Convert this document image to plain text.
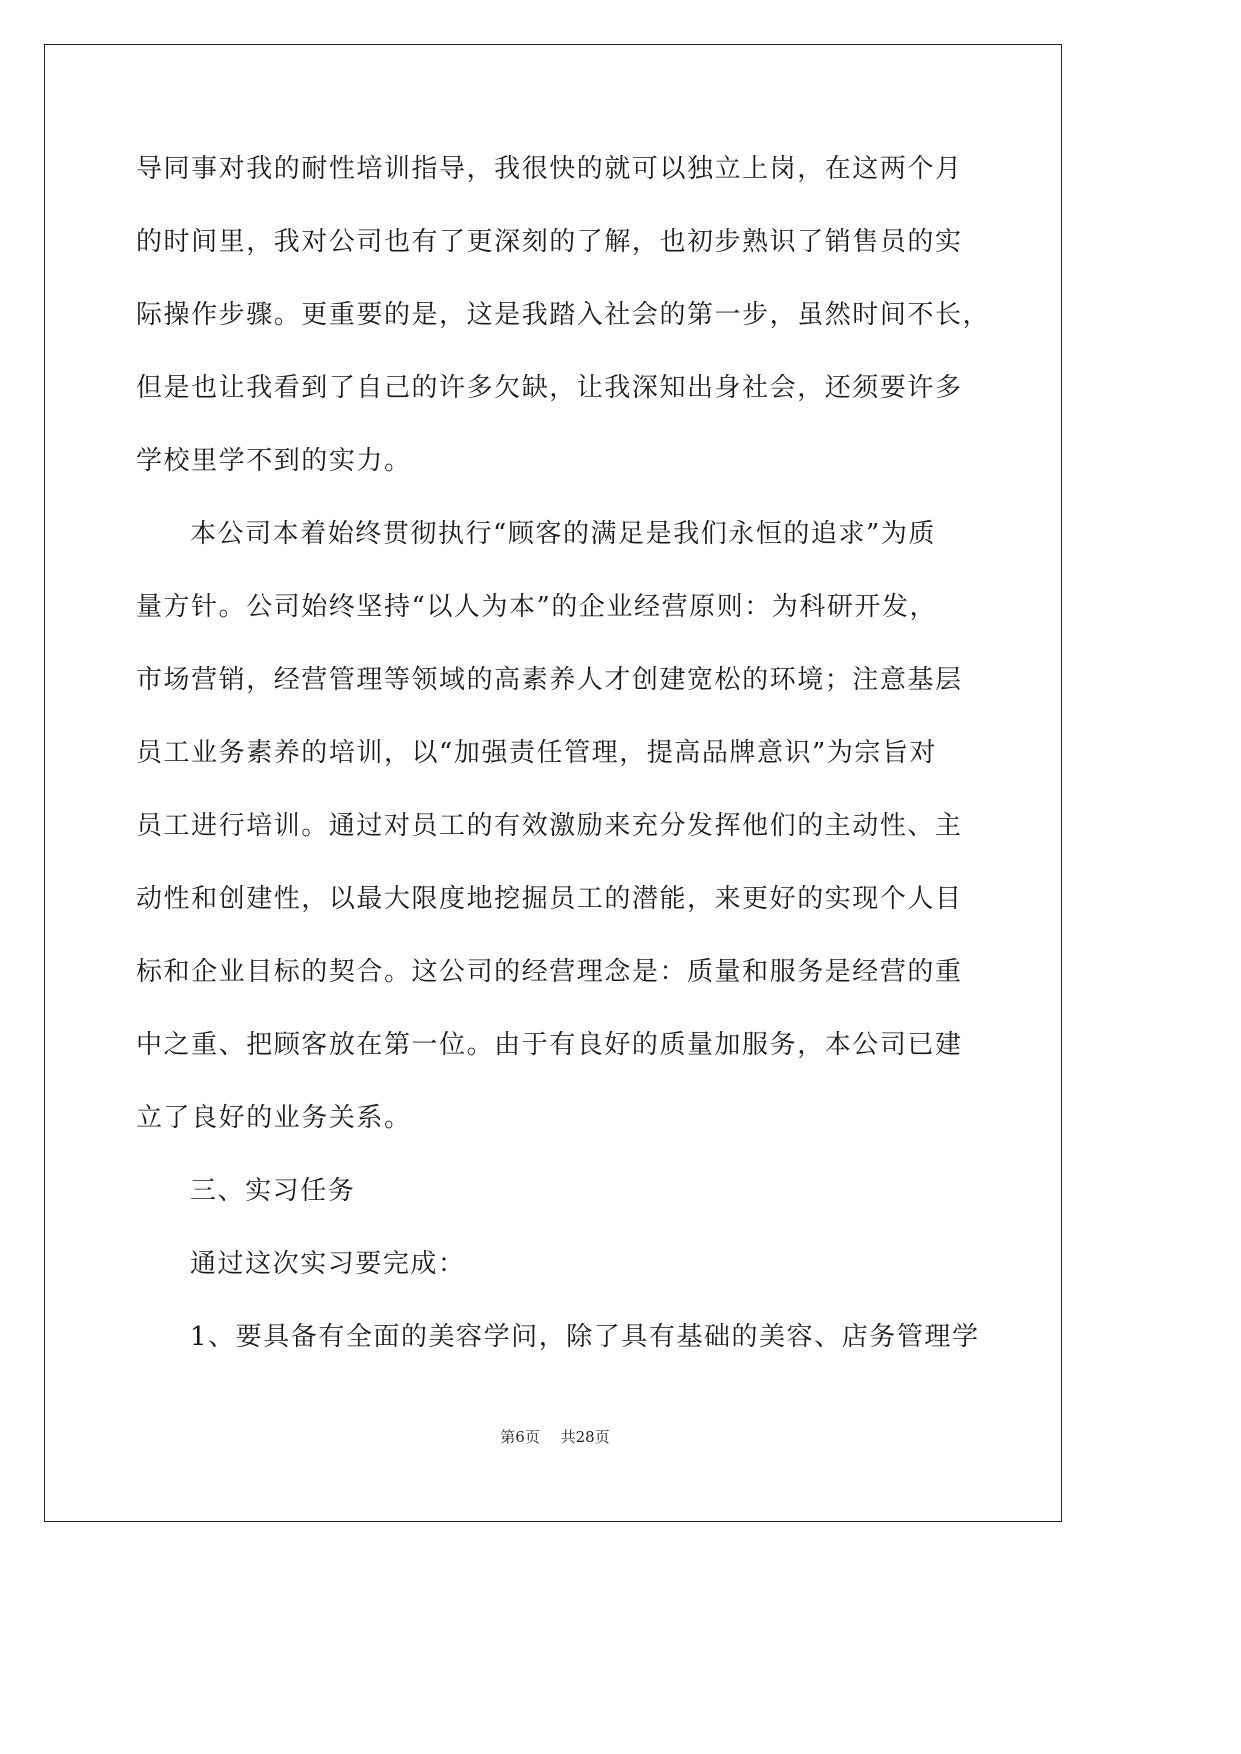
导同事对我的耐性培训指导，我很快的就可以独立上岗，在这两个月
的时间里，我对公司也有了更深刻的了解，也初步熟识了销售员的实
际操作步骤。更重要的是，这是我踏入社会的第一步，虽然时间不长，
但是也让我看到了自己的许多欠缺，让我深知出身社会，还须要许多
学校里学不到的实力。
本公司本着始终贯彻执行“顾客的满足是我们永恒的追求”为质
量方针。公司始终坚持“以人为本”的企业经营原则：为科研开发，
市场营销，经营管理等领域的高素养人才创建宽松的环境；注意基层
员工业务素养的培训，以“加强责任管理，提高品牌意识”为宗旨对
员工进行培训。通过对员工的有效激励来充分发挥他们的主动性、主
动性和创建性，以最大限度地挖掘员工的潜能，来更好的实现个人目
标和企业目标的契合。这公司的经营理念是：质量和服务是经营的重
中之重、把顾客放在第一位。由于有良好的质量加服务，本公司已建
立了良好的业务关系。
三、实习任务
通过这次实习要完成：
1、要具备有全面的美容学问，除了具有基础的美容、店务管理学
第6页 共28页
